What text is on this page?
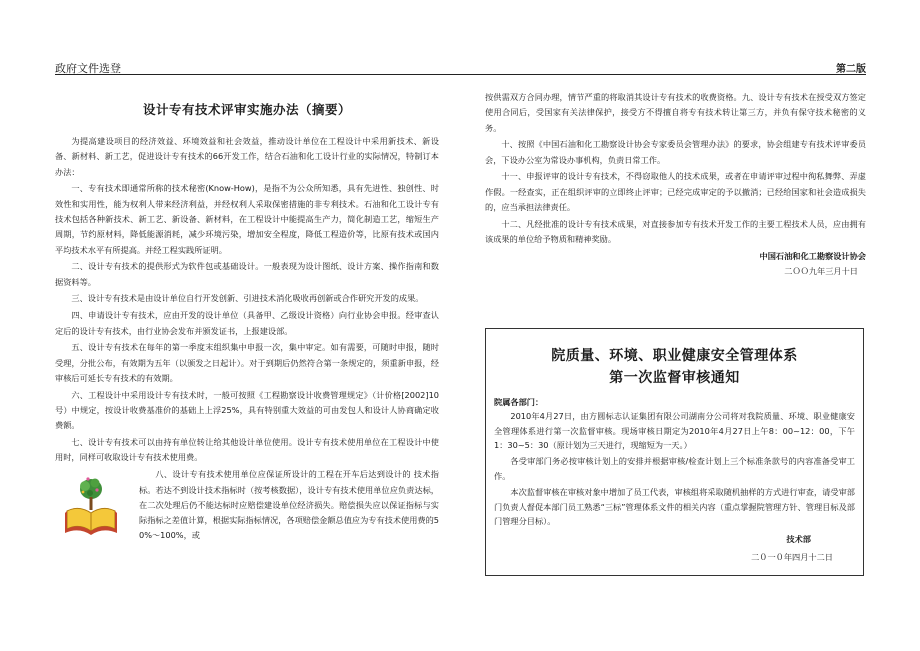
政府文件选登	第二版
设计专有技术评审实施办法（摘要）

为提高建设项目的经济效益、环境效益和社会效益，推动设计单位在工程设计中采用新技术、新设备、新材料、新工艺，促进设计专有技术的66开发工作，结合石油和化工设计行业的实际情况，特制订本办法：

一、专有技术即通常所称的技术秘密(Know-How)，是指不为公众所知悉，具有先进性、独创性、时效性和实用性，能为权利人带来经济利益，并经权利人采取保密措施的非专利技术。石油和化工设计专有技术包括各种新技术、新工艺、新设备、新材料，在工程设计中能提高生产力，简化制造工艺，缩短生产周期，节约原材料，降低能源消耗，减少环境污染，增加安全程度，降低工程造价等，比原有技术或国内平均技术水平有所提高。并经工程实践所证明。

二、设计专有技术的提供形式为软件包或基础设计。一般表现为设计图纸、设计方案、操作指南和数据资料等。

三、设计专有技术是由设计单位自行开发创新、引进技术消化吸收再创新或合作研究开发的成果。

四、申请设计专有技术，应由开发的设计单位（具备甲、乙级设计资格）向行业协会申报。经审查认定后的设计专有技术，由行业协会发布并颁发证书，上报建设部。

五、设计专有技术在每年的第一季度末组织集中申报一次，集中审定。如有需要，可随时申报，随时受理，分批公布，有效期为五年（以颁发之日起计）。对于到期后仍然符合第一条规定的，须重新申报，经审核后可延长专有技术的有效期。

六、工程设计中采用设计专有技术时，一般可按照《工程勘察设计收费管理规定》（计价格[2002]10号）中规定，按设计收费基准价的基础上上浮25%，具有特别重大效益的可由发包人和设计人协商确定收费额。

七、设计专有技术可以由持有单位转让给其他设计单位使用。设计专有技术使用单位在工程设计中使用时，同样可收取设计专有技术使用费。

八、设计专有技术使用单位应保证所设计的工程在开车后达到设计的 技术指标。若达不到设计技术指标时（按考核数据），设计专有技术使用单位应负责达标，在二次处理后仍不能达标时应赔偿建设单位经济损失。赔偿损失应以保证指标与实际指标之差值计算，根据实际指标情况，各项赔偿金额总值应为专有技术使用费的50%～100%，或

按供需双方合同办理，情节严重的将取消其设计专有技术的收费资格。九、设计专有技术在授受双方签定使用合同后，受国家有关法律保护，接受方不得擅自将专有技术转让第三方，并负有保守技术秘密的义务。

十、按照《中国石油和化工勘察设计协会专家委员会管理办法》的要求，协会组建专有技术评审委员会，下设办公室为常设办事机构，负责日常工作。

十一、申报评审的设计专有技术，不得窃取他人的技术成果，或者在申请评审过程中徇私舞弊、弄虚作假。一经查实，正在组织评审的立即终止评审；已经完成审定的予以撤消；已经给国家和社会造成损失的，应当承担法律责任。

十二、凡经批准的设计专有技术成果，对直接参加专有技术开发工作的主要工程技术人员，应由拥有该成果的单位给予物质和精神奖励。

中国石油和化工勘察设计协会

二ＯＯ九年三月十日

院质量、环境、职业健康安全管理体系

第一次监督审核通知

院属各部门：

2010年4月27日，由方圆标志认证集团有限公司湖南分公司将对我院质量、环境、职业健康安全管理体系进行第一次监督审核。现场审核日期定为2010年4月27日上午8：00~12：00，下午1：30~5：30（原计划为三天进行，现缩短为一天。）

各受审部门务必按审核计划上的安排并根据审核/检查计划上三个标准条款号的内容准备受审工作。

本次监督审核在审核对象中增加了员工代表，审核组将采取随机抽样的方式进行审查，请受审部门负责人督促本部门员工熟悉“三标”管理体系文件的相关内容（重点掌握院管理方针、管理目标及部门管理分目标）。

技术部

二０一０年四月十二日
